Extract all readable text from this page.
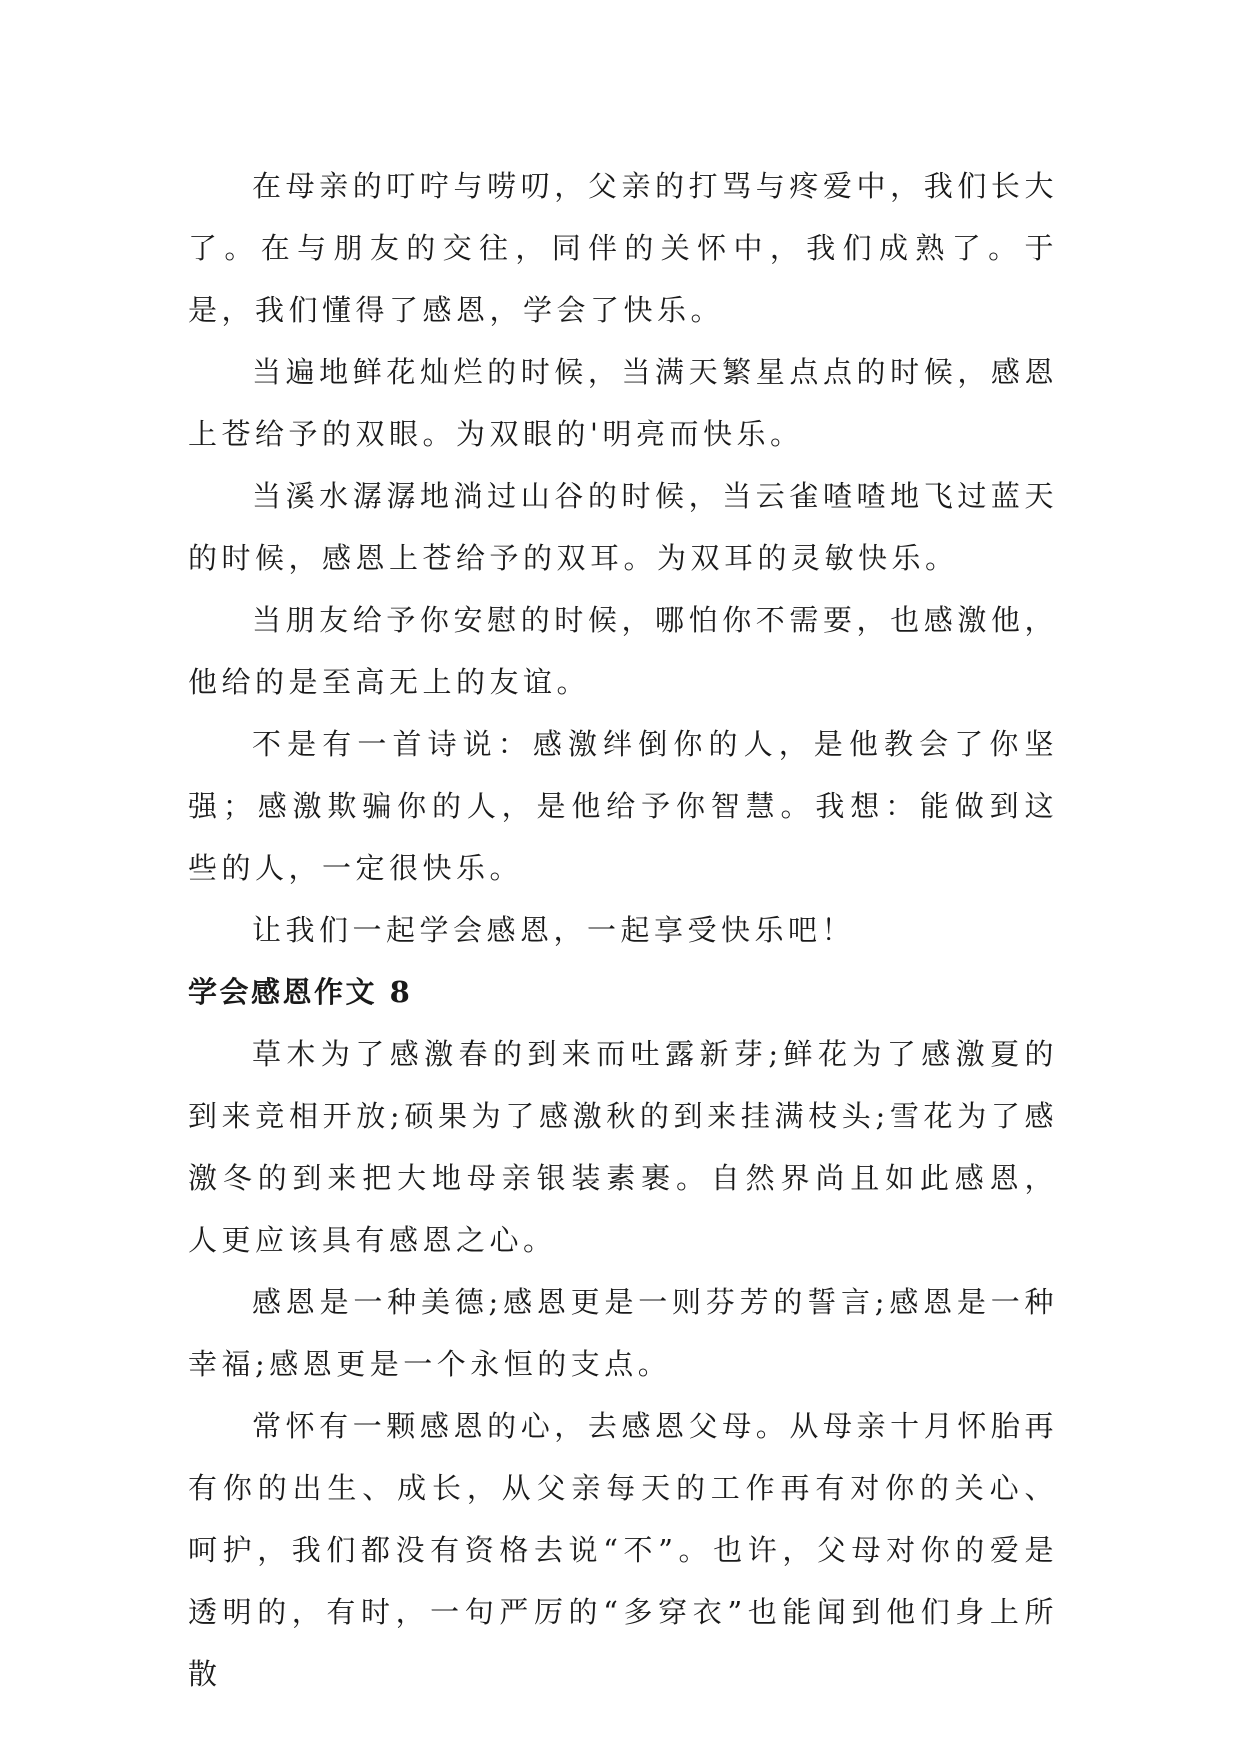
在母亲的叮咛与唠叨，父亲的打骂与疼爱中，我们长大了。在与朋友的交往，同伴的关怀中，我们成熟了。于是，我们懂得了感恩，学会了快乐。

当遍地鲜花灿烂的时候，当满天繁星点点的时候，感恩上苍给予的双眼。为双眼的'明亮而快乐。

当溪水潺潺地淌过山谷的时候，当云雀喳喳地飞过蓝天的时候，感恩上苍给予的双耳。为双耳的灵敏快乐。

当朋友给予你安慰的时候，哪怕你不需要，也感激他，他给的是至高无上的友谊。

不是有一首诗说：感激绊倒你的人，是他教会了你坚强；感激欺骗你的人，是他给予你智慧。我想：能做到这些的人，一定很快乐。

让我们一起学会感恩，一起享受快乐吧！

学会感恩作文 8

草木为了感激春的到来而吐露新芽;鲜花为了感激夏的到来竞相开放;硕果为了感激秋的到来挂满枝头;雪花为了感激冬的到来把大地母亲银装素裹。自然界尚且如此感恩，人更应该具有感恩之心。

感恩是一种美德;感恩更是一则芬芳的誓言;感恩是一种幸福;感恩更是一个永恒的支点。

常怀有一颗感恩的心，去感恩父母。从母亲十月怀胎再有你的出生、成长，从父亲每天的工作再有对你的关心、呵护，我们都没有资格去说“不”。也许，父母对你的爱是透明的，有时，一句严厉的“多穿衣”也能闻到他们身上所散
